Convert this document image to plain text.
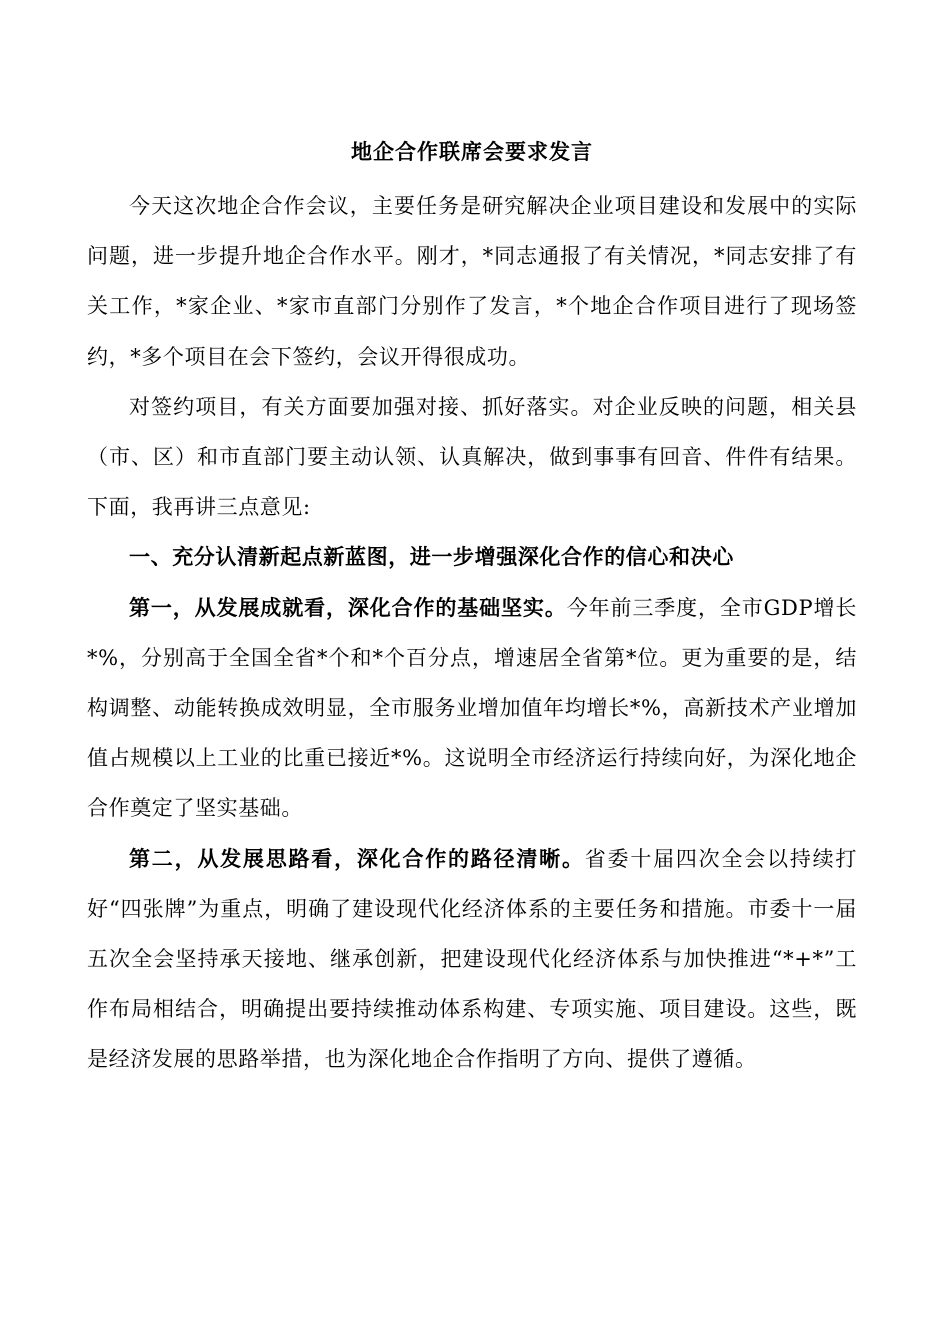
地企合作联席会要求发言

今天这次地企合作会议，主要任务是研究解决企业项目建设和发展中的实际问题，进一步提升地企合作水平。刚才，*同志通报了有关情况，*同志安排了有关工作，*家企业、*家市直部门分别作了发言，*个地企合作项目进行了现场签约，*多个项目在会下签约，会议开得很成功。

对签约项目，有关方面要加强对接、抓好落实。对企业反映的问题，相关县（市、区）和市直部门要主动认领、认真解决，做到事事有回音、件件有结果。下面，我再讲三点意见:

一、充分认清新起点新蓝图，进一步增强深化合作的信心和决心

第一，从发展成就看，深化合作的基础坚实。今年前三季度，全市GDP增长*%，分别高于全国全省*个和*个百分点，增速居全省第*位。更为重要的是，结构调整、动能转换成效明显，全市服务业增加值年均增长*%，高新技术产业增加值占规模以上工业的比重已接近*%。这说明全市经济运行持续向好，为深化地企合作奠定了坚实基础。

第二，从发展思路看，深化合作的路径清晰。省委十届四次全会以持续打好“四张牌”为重点，明确了建设现代化经济体系的主要任务和措施。市委十一届五次全会坚持承天接地、继承创新，把建设现代化经济体系与加快推进“*+*”工作布局相结合，明确提出要持续推动体系构建、专项实施、项目建设。这些，既是经济发展的思路举措，也为深化地企合作指明了方向、提供了遵循。
